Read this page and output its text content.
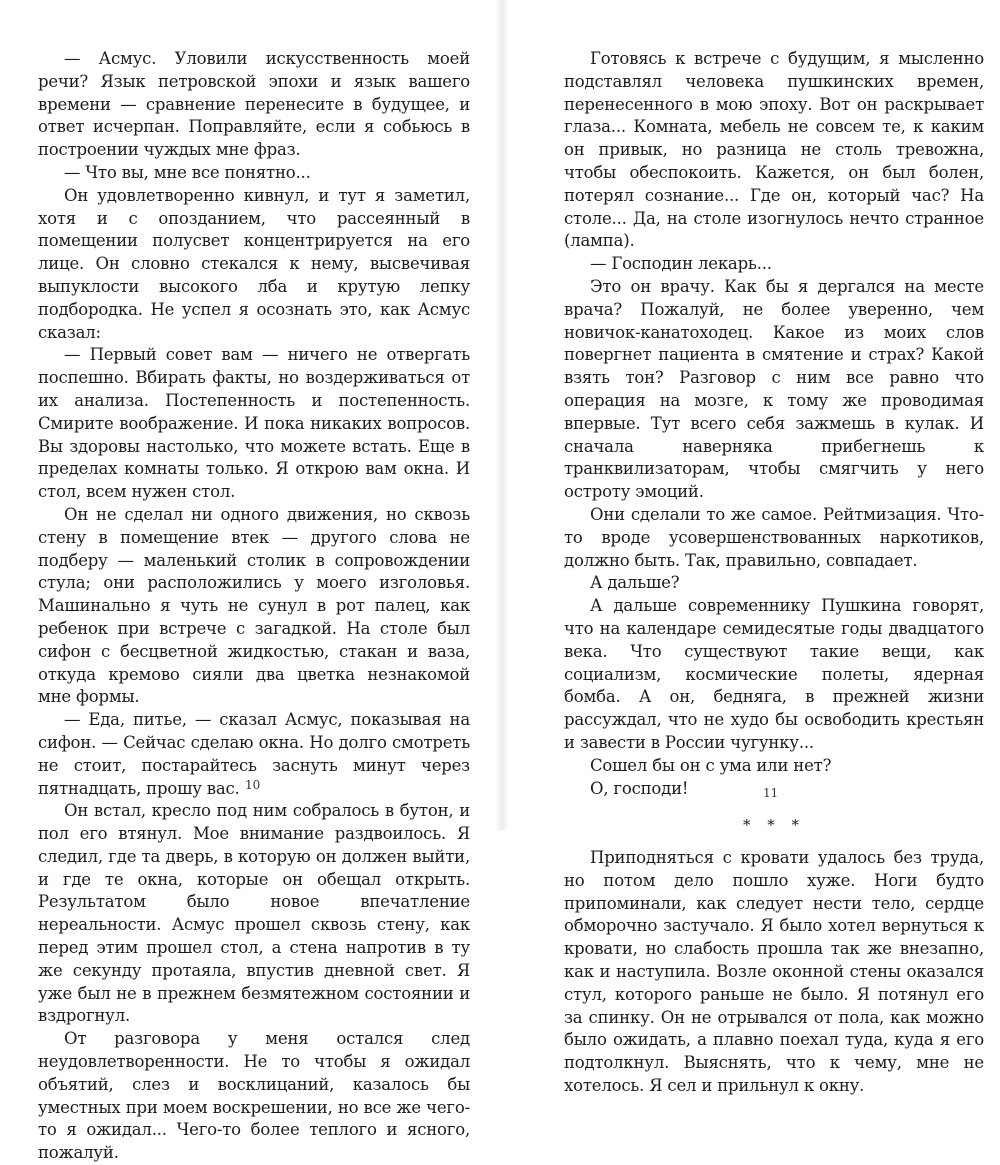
— Асмус. Уловили искусственность моей речи? Язык петровской эпохи и язык вашего времени — сравнение перенесите в будущее, и ответ исчерпан. Поправляйте, если я собьюсь в построении чуждых мне фраз.

— Что вы, мне все понятно...

Он удовлетворенно кивнул, и тут я заметил, хотя и с опозданием, что рассеянный в помещении полусвет концентрируется на его лице. Он словно стекался к нему, высвечивая выпуклости высокого лба и крутую лепку подбородка. Не успел я осознать это, как Асмус сказал:

— Первый совет вам — ничего не отвергать поспешно. Вбирать факты, но воздерживаться от их анализа. Постепенность и постепенность. Смирите воображение. И пока никаких вопросов. Вы здоровы настолько, что можете встать. Еще в пределах комнаты только. Я открою вам окна. И стол, всем нужен стол.

Он не сделал ни одного движения, но сквозь стену в помещение втек — другого слова не подберу — маленький столик в сопровождении стула; они расположились у моего изголовья. Машинально я чуть не сунул в рот палец, как ребенок при встрече с загадкой. На столе был сифон с бесцветной жидкостью, стакан и ваза, откуда кремово сияли два цветка незнакомой мне формы.

— Еда, питье, — сказал Асмус, показывая на сифон. — Сейчас сделаю окна. Но долго смотреть не стоит, постарайтесь заснуть минут через пятнадцать, прошу вас.

Он встал, кресло под ним собралось в бутон, и пол его втянул. Мое внимание раздвоилось. Я следил, где та дверь, в которую он должен выйти, и где те окна, которые он обещал открыть. Результатом было новое впечатление нереальности. Асмус прошел сквозь стену, как перед этим прошел стол, а стена напротив в ту же секунду протаяла, впустив дневной свет. Я уже был не в прежнем безмятежном состоянии и вздрогнул.

От разговора у меня остался след неудовлетворенности. Не то чтобы я ожидал объятий, слез и восклицаний, казалось бы уместных при моем воскрешении, но все же чего-то я ожидал... Чего-то более теплого и ясного, пожалуй.

10

Готовясь к встрече с будущим, я мысленно подставлял человека пушкинских времен, перенесенного в мою эпоху. Вот он раскрывает глаза... Комната, мебель не совсем те, к каким он привык, но разница не столь тревожна, чтобы обеспокоить. Кажется, он был болен, потерял сознание... Где он, который час? На столе... Да, на столе изогнулось нечто странное (лампа).

— Господин лекарь...

Это он врачу. Как бы я дергался на месте врача? Пожалуй, не более уверенно, чем новичок-канатоходец. Какое из моих слов повергнет пациента в смятение и страх? Какой взять тон? Разговор с ним все равно что операция на мозге, к тому же проводимая впервые. Тут всего себя зажмешь в кулак. И сначала наверняка прибегнешь к транквилизаторам, чтобы смягчить у него остроту эмоций.

Они сделали то же самое. Рейтмизация. Что-то вроде усовершенствованных наркотиков, должно быть. Так, правильно, совпадает.

А дальше?

А дальше современнику Пушкина говорят, что на календаре семидесятые годы двадцатого века. Что существуют такие вещи, как социализм, космические полеты, ядерная бомба. А он, бедняга, в прежней жизни рассуждал, что не худо бы освободить крестьян и завести в России чугунку...

Сошел бы он с ума или нет?

О, господи!

* * *

Приподняться с кровати удалось без труда, но потом дело пошло хуже. Ноги будто припоминали, как следует нести тело, сердце обморочно застучало. Я было хотел вернуться к кровати, но слабость прошла так же внезапно, как и наступила. Возле оконной стены оказался стул, которого раньше не было. Я потянул его за спинку. Он не отрывался от пола, как можно было ожидать, а плавно поехал туда, куда я его подтолкнул. Выяснять, что к чему, мне не хотелось. Я сел и прильнул к окну.

11
